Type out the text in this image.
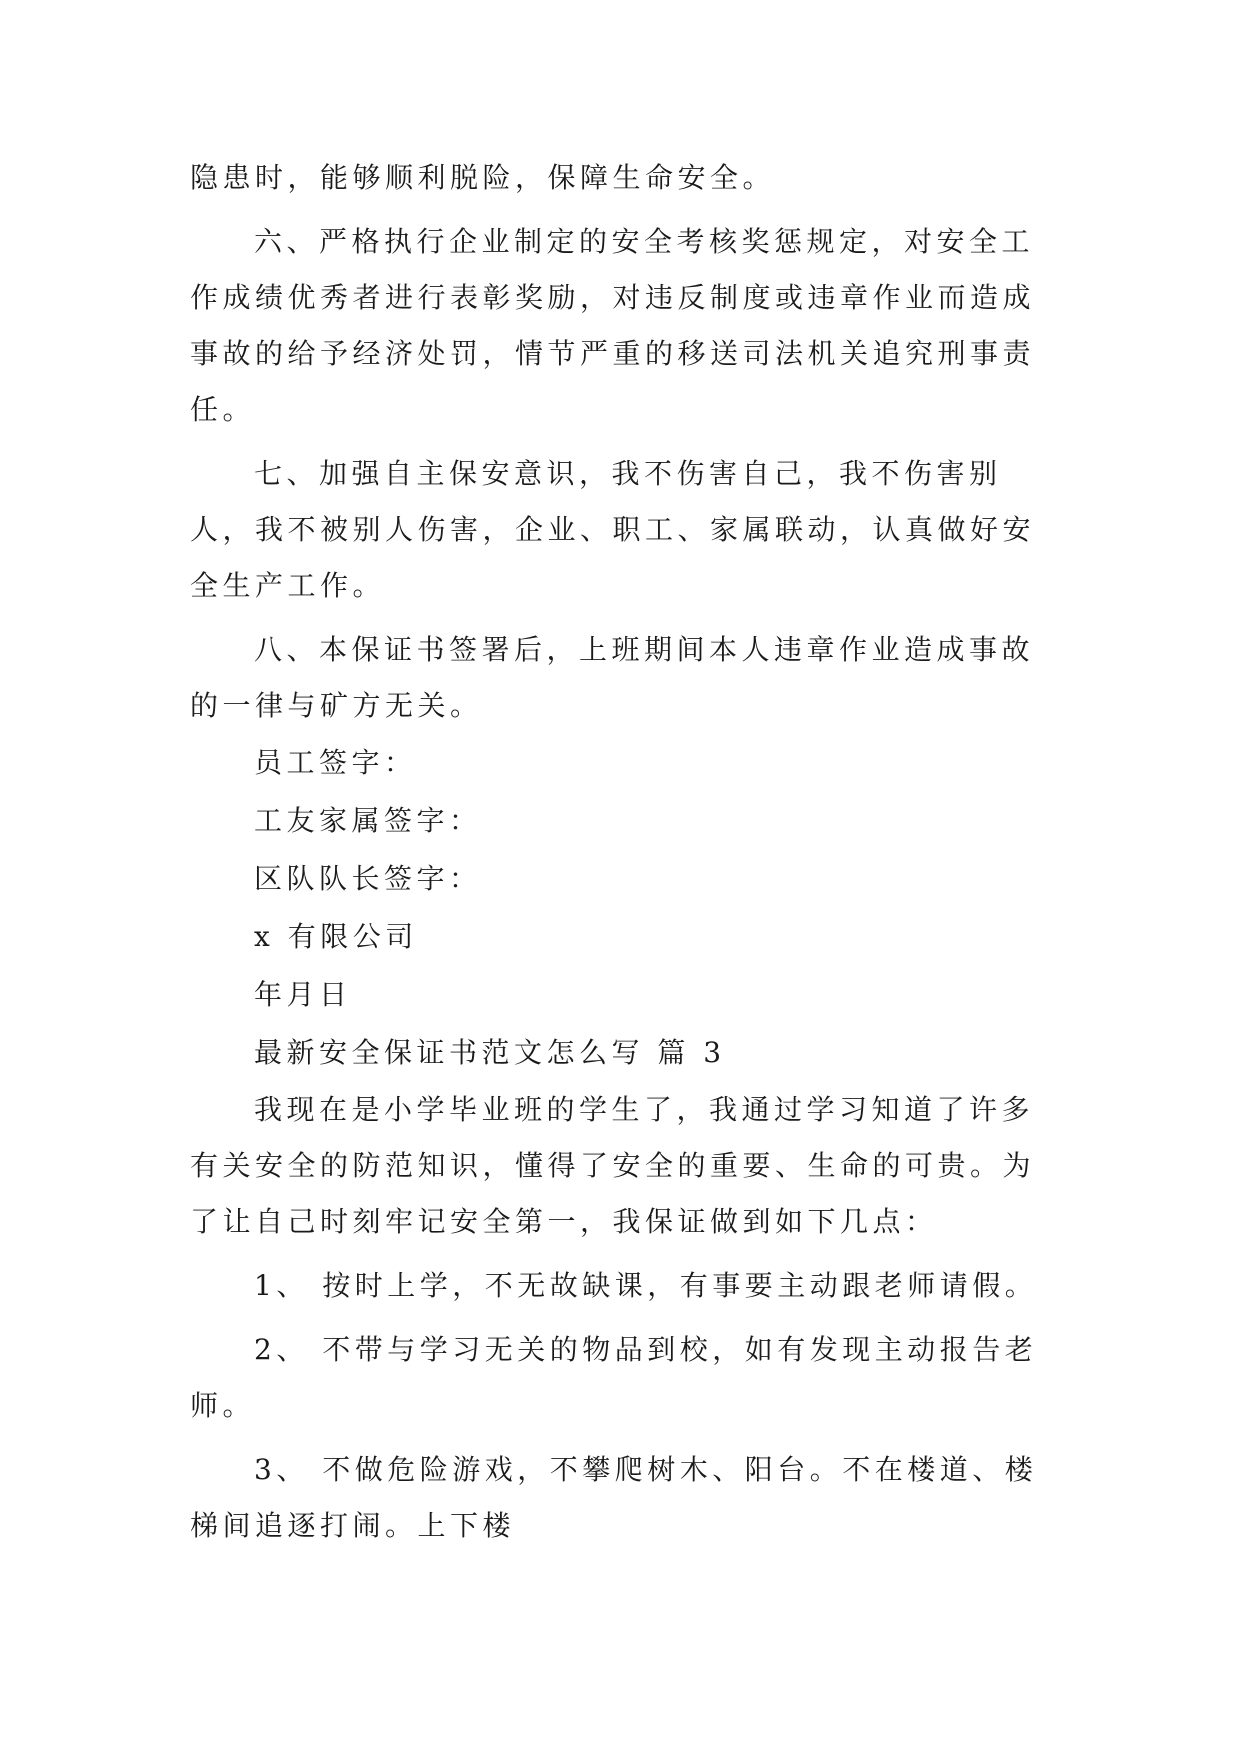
隐患时，能够顺利脱险，保障生命安全。

六、严格执行企业制定的安全考核奖惩规定，对安全工作成绩优秀者进行表彰奖励，对违反制度或违章作业而造成事故的给予经济处罚，情节严重的移送司法机关追究刑事责任。

七、加强自主保安意识，我不伤害自己，我不伤害别人，我不被别人伤害，企业、职工、家属联动，认真做好安全生产工作。

八、本保证书签署后，上班期间本人违章作业造成事故的一律与矿方无关。

员工签字：

工友家属签字：

区队队长签字：

x 有限公司

年月日

最新安全保证书范文怎么写 篇 3

我现在是小学毕业班的学生了，我通过学习知道了许多有关安全的防范知识，懂得了安全的重要、生命的可贵。为了让自己时刻牢记安全第一，我保证做到如下几点：

1、 按时上学，不无故缺课，有事要主动跟老师请假。

2、 不带与学习无关的物品到校，如有发现主动报告老师。

3、 不做危险游戏，不攀爬树木、阳台。不在楼道、楼梯间追逐打闹。上下楼
